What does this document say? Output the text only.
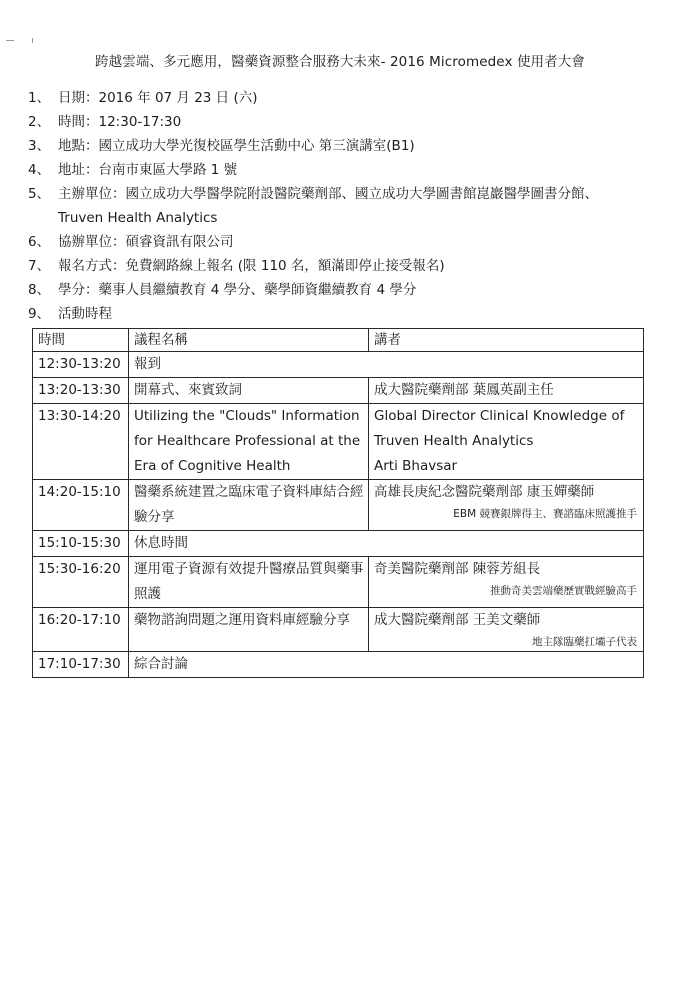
跨越雲端、多元應用，醫藥資源整合服務大未來- 2016 Micromedex 使用者大會
1、 日期：2016 年 07 月 23 日 (六)
2、 時間：12:30-17:30
3、 地點：國立成功大學光復校區學生活動中心 第三演講室(B1)
4、 地址：台南市東區大學路 1 號
5、 主辦單位：國立成功大學醫學院附設醫院藥劑部、國立成功大學圖書館崑巖醫學圖書分館、
Truven Health Analytics
6、 協辦單位：碩睿資訊有限公司
7、 報名方式：免費網路線上報名 (限 110 名，額滿即停止接受報名)
8、 學分：藥事人員繼續教育 4 學分、藥學師資繼續教育 4 學分
9、 活動時程
時間	議程名稱	講者
12:30-13:20	報到	
13:20-13:30	開幕式、來賓致詞	成大醫院藥劑部 葉鳳英副主任
13:30-14:20	Utilizing the "Clouds" Information for Healthcare Professional at the Era of Cognitive Health	Global Director Clinical Knowledge of Truven Health Analytics
Arti Bhavsar

14:20-15:10	醫藥系統建置之臨床電子資料庫結合經驗分享	高雄長庚紀念醫院藥劑部 康玉嬋藥師
EBM 競賽銀牌得主、賽諮臨床照護推手

15:10-15:30	休息時間	
15:30-16:20	運用電子資源有效提升醫療品質與藥事照護	奇美醫院藥劑部 陳蓉芳組長
推動奇美雲端藥歷實戰經驗高手

16:20-17:10	藥物諮詢問題之運用資料庫經驗分享	成大醫院藥劑部 王美文藥師
地主隊臨藥扛壩子代表

17:10-17:30	綜合討論	
